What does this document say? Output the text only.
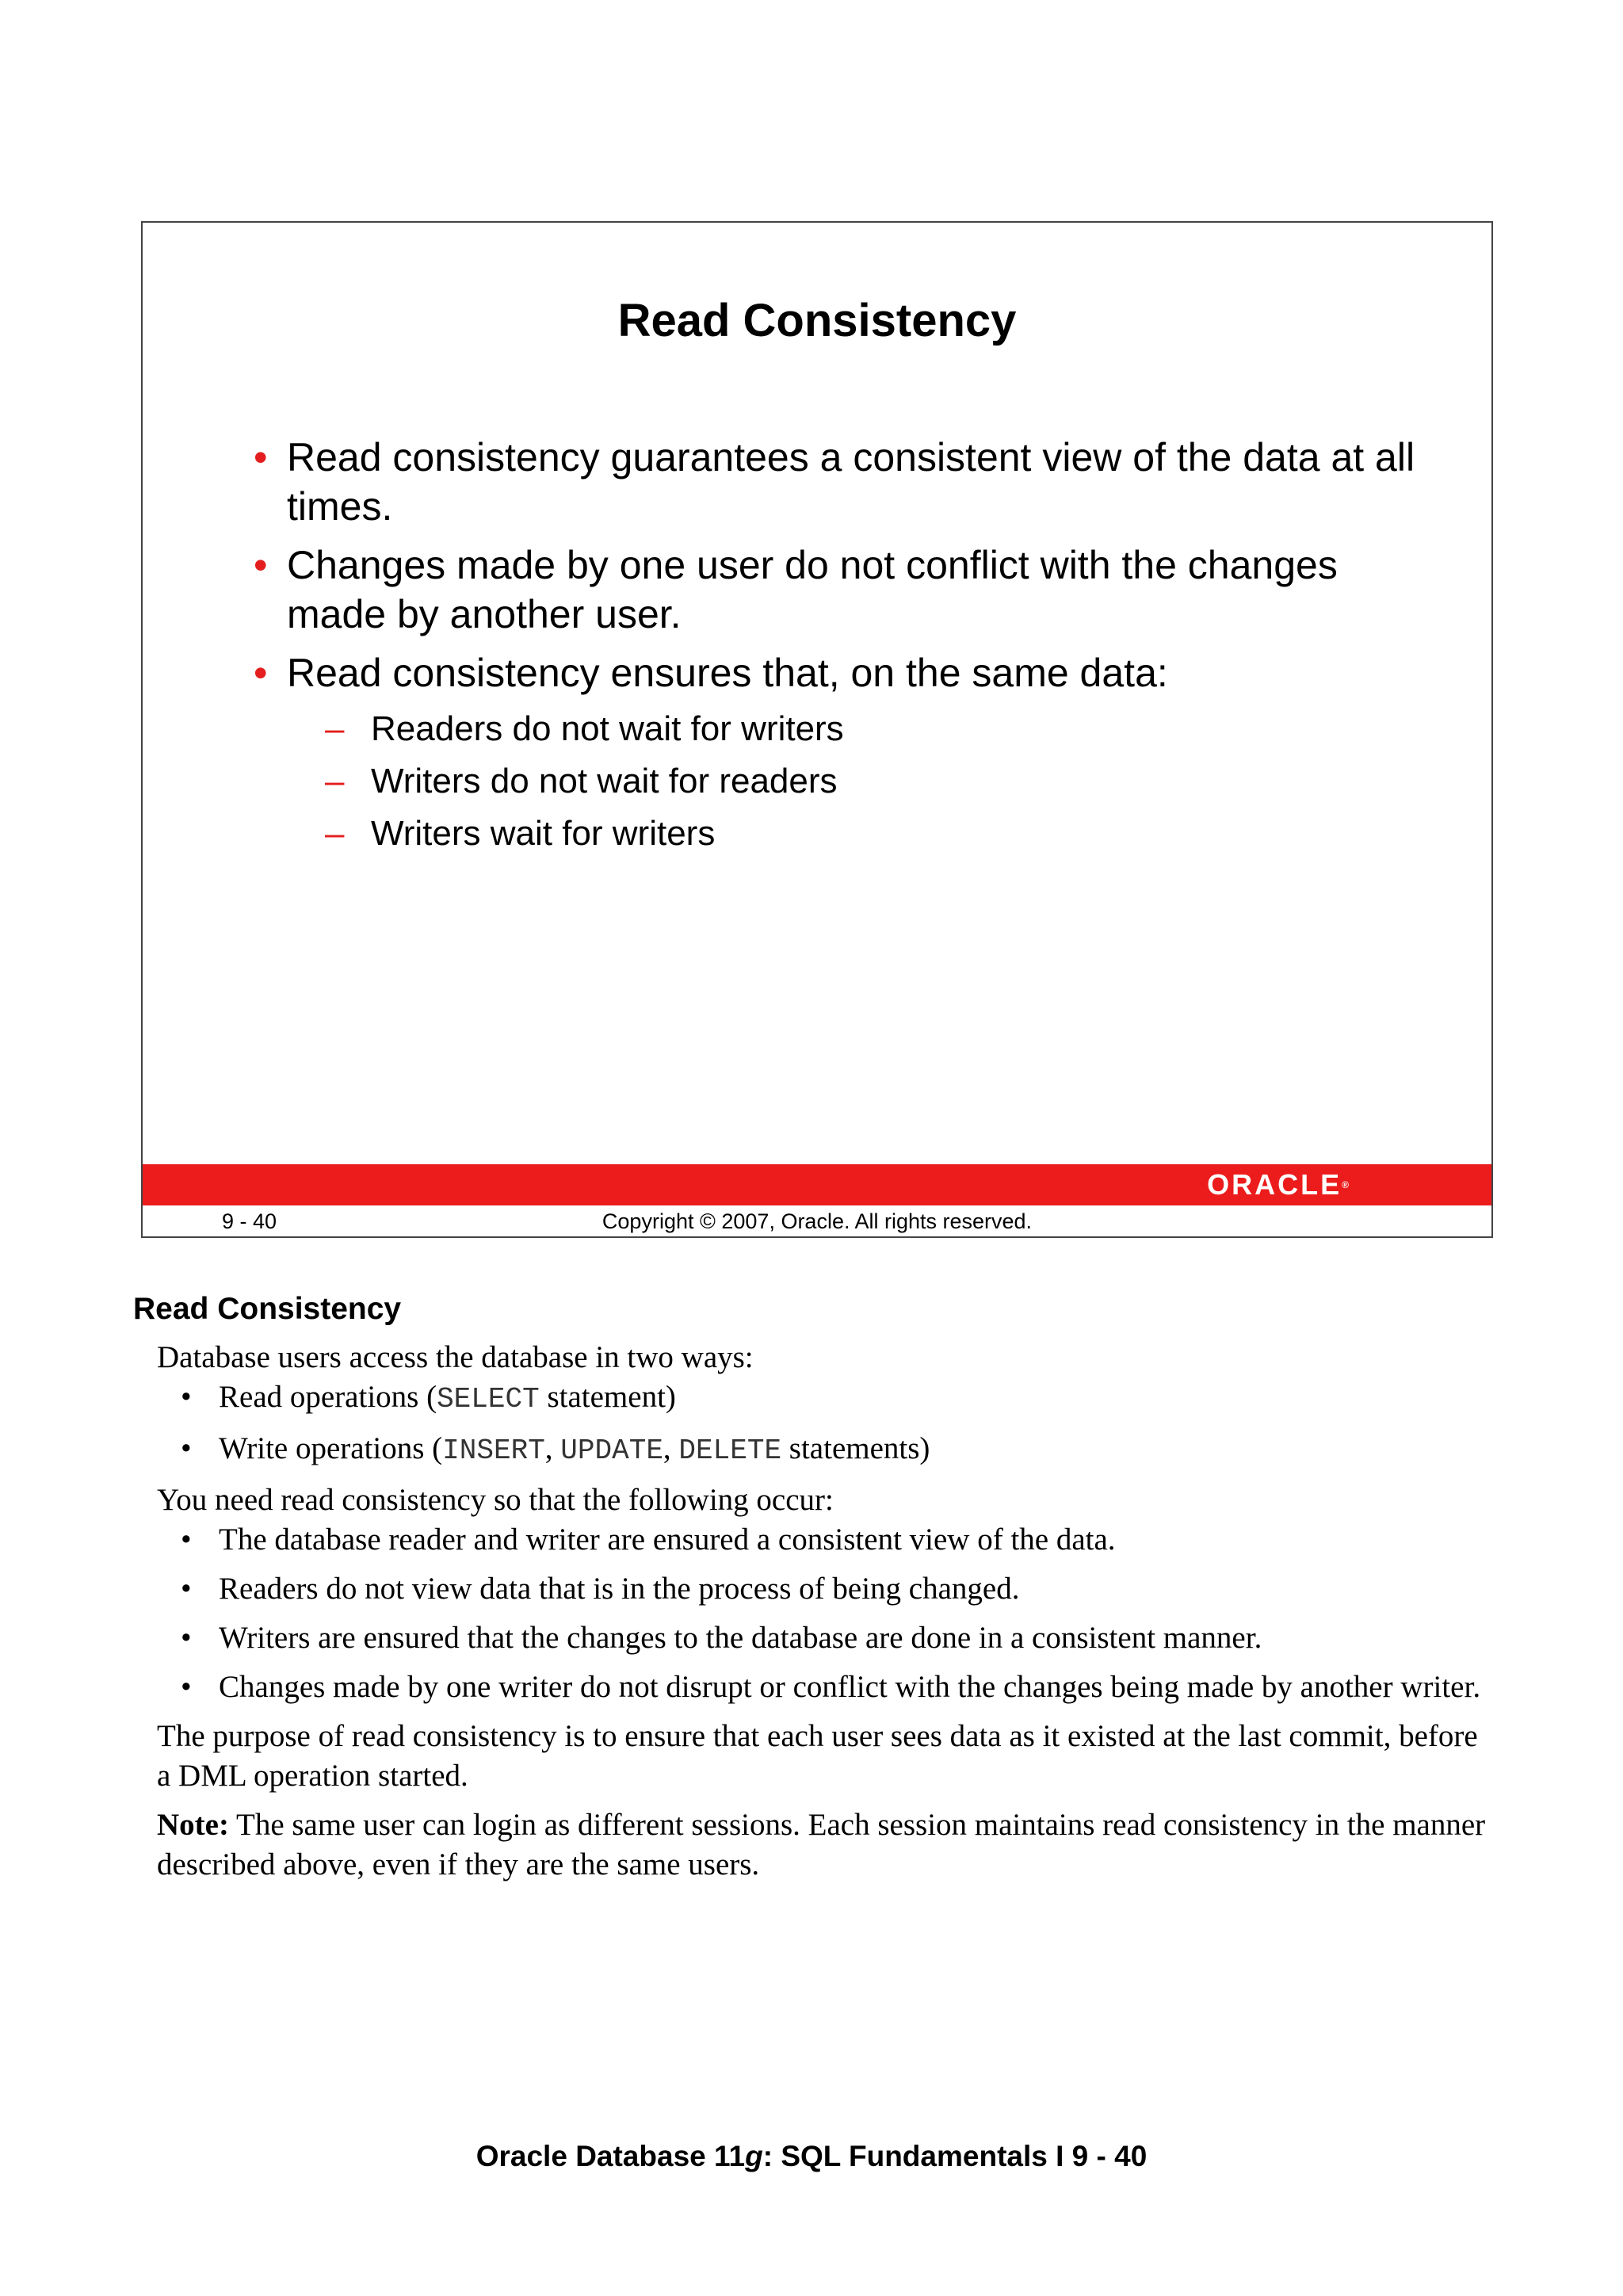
Read Consistency
• Read consistency guarantees a consistent view of the data at all times.
• Changes made by one user do not conflict with the changes made by another user.
• Read consistency ensures that, on the same data:
– Readers do not wait for writers
– Writers do not wait for readers
– Writers wait for writers
ORACLE®
9 - 40	Copyright © 2007, Oracle. All rights reserved.
Read Consistency

Database users access the database in two ways:

• Read operations (SELECT statement)

• Write operations (INSERT, UPDATE, DELETE statements)

You need read consistency so that the following occur:

• The database reader and writer are ensured a consistent view of the data.

• Readers do not view data that is in the process of being changed.

• Writers are ensured that the changes to the database are done in a consistent manner.

• Changes made by one writer do not disrupt or conflict with the changes being made by another writer.

The purpose of read consistency is to ensure that each user sees data as it existed at the last commit, before a DML operation started.

Note: The same user can login as different sessions. Each session maintains read consistency in the manner described above, even if they are the same users.

Oracle Database 11g: SQL Fundamentals I 9 - 40
